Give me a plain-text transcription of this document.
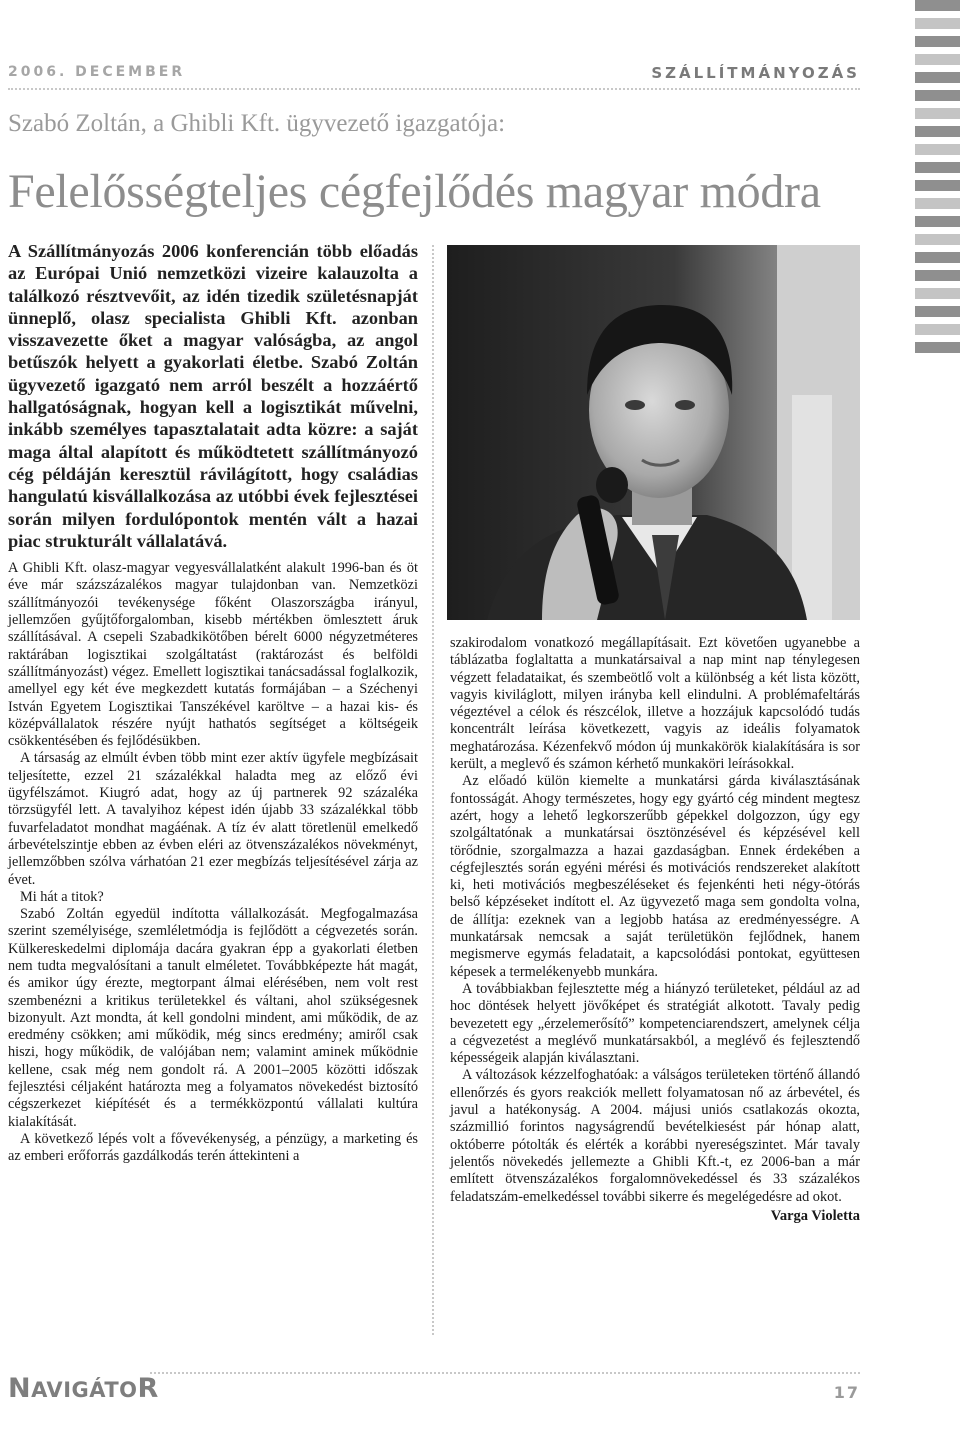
2006. DECEMBER	SZÁLLÍTMÁNYOZÁS
Szabó Zoltán, a Ghibli Kft. ügyvezető igazgatója:
Felelősségteljes cégfejlődés magyar módra

A Szállítmányozás 2006 konferencián több előadás az Európai Unió nemzetközi vizeire kalauzolta a találkozó résztvevőit, az idén tizedik születésnapját ünneplő, olasz specialista Ghibli Kft. azonban visszavezette őket a magyar valóságba, az angol betűszók helyett a gyakorlati életbe. Szabó Zoltán ügyvezető igazgató nem arról beszélt a hozzáértő hallgatóságnak, hogyan kell a logisztikát művelni, inkább személyes tapasztalatait adta közre: a saját maga által alapított és működtetett szállítmányozó cég példáján keresztül rávilágított, hogy családias hangulatú kisvállalkozása az utóbbi évek fejlesztései során milyen fordulópontok mentén vált a hazai piac strukturált vállalatává.

A Ghibli Kft. olasz-magyar vegyesvállalatként alakult 1996-ban és öt éve már százszázalékos magyar tulajdonban van. Nemzetközi szállítmányozói tevékenysége főként Olaszországba irányul, jellemzően gyűjtőforgalomban, kisebb mértékben ömlesztett áruk szállításával. A csepeli Szabadkikötőben bérelt 6000 négyzetméteres raktárában logisztikai szolgáltatást (raktározást és belföldi szállítmányozást) végez. Emellett logisztikai tanácsadással foglalkozik, amellyel egy két éve megkezdett kutatás formájában – a Széchenyi István Egyetem Logisztikai Tanszékével karöltve – a hazai kis- és középvállalatok részére nyújt hathatós segítséget a költségeik csökkentésében és fejlődésükben.

A társaság az elmúlt évben több mint ezer aktív ügyfele megbízásait teljesítette, ezzel 21 százalékkal haladta meg az előző évi ügyfélszámot. Kiugró adat, hogy az új partnerek 92 százaléka törzsügyfél lett. A tavalyihoz képest idén újabb 33 százalékkal több fuvarfeladatot mondhat magáénak. A tíz év alatt töretlenül emelkedő árbevételszintje ebben az évben eléri az ötvenszázalékos növekményt, jellemzőbben szólva várhatóan 21 ezer megbízás teljesítésével zárja az évet.

Mi hát a titok?

Szabó Zoltán egyedül indította vállalkozását. Megfogalmazása szerint személyisége, szemléletmódja is fejlődött a cégvezetés során. Külkereskedelmi diplomája dacára gyakran épp a gyakorlati életben nem tudta megvalósítani a tanult elméletet. Továbbképezte hát magát, és amikor úgy érezte, megtorpant álmai elérésében, nem volt rest szembenézni a kritikus területekkel és váltani, ahol szükségesnek bizonyult. Azt mondta, át kell gondolni mindent, ami működik, de az eredmény csökken; ami működik, még sincs eredmény; amiről csak hiszi, hogy működik, de valójában nem; valamint aminek működnie kellene, csak még nem gondolt rá. A 2001–2005 közötti időszak fejlesztési céljaként határozta meg a folyamatos növekedést biztosító cégszerkezet kiépítését és a termékközpontú vállalati kultúra kialakítását.

A következő lépés volt a fővevékenység, a pénzügy, a marketing és az emberi erőforrás gazdálkodás terén áttekinteni a

szakirodalom vonatkozó megállapításait. Ezt követően ugyanebbe a táblázatba foglaltatta a munkatársaival a nap mint nap ténylegesen végzett feladataikat, és szembeötlő volt a különbség a két lista között, vagyis kiviláglott, milyen irányba kell elindulni. A problémafeltárás végeztével a célok és részcélok, illetve a hozzájuk kapcsolódó tudás koncentrált leírása következett, vagyis az ideális folyamatok meghatározása. Kézenfekvő módon új munkakörök kialakítására is sor került, a meglevő és számon kérhető munkaköri leírásokkal.

Az előadó külön kiemelte a munkatársi gárda kiválasztásának fontosságát. Ahogy természetes, hogy egy gyártó cég mindent megtesz azért, hogy a lehető legkorszerűbb gépekkel dolgozzon, úgy egy szolgáltatónak a munkatársai ösztönzésével és képzésével kell törődnie, szorgalmazza a hazai gazdaságban. Ennek érdekében a cégfejlesztés során egyéni mérési és motivációs rendszereket alakított ki, heti motivációs megbeszéléseket és fejenkénti heti négy-ötórás belső képzéseket indított el. Az ügyvezető maga sem gondolta volna, de állítja: ezeknek van a legjobb hatása az eredményességre. A munkatársak nemcsak a saját területükön fejlődnek, hanem megismerve egymás feladatait, a kapcsolódási pontokat, együttesen képesek a termelékenyebb munkára.

A továbbiakban fejlesztette még a hiányzó területeket, például az ad hoc döntések helyett jövőképet és stratégiát alkotott. Tavaly pedig bevezetett egy „érzelemerősítő” kompetenciarendszert, amelynek célja a cégvezetést a meglévő munkatársakból, a meglévő és fejlesztendő képességeik alapján kiválasztani.

A változások kézzelfoghatóak: a válságos területeken történő állandó ellenőrzés és gyors reakciók mellett folyamatosan nő az árbevétel, és javul a hatékonyság. A 2004. májusi uniós csatlakozás okozta, százmillió forintos nagyságrendű bevételkiesést pár hónap alatt, októberre pótolták és elérték a korábbi nyereségszintet. Már tavaly jelentős növekedés jellemezte a Ghibli Kft.-t, ez 2006-ban a már említett ötvenszázalékos forgalomnövekedéssel és 33 százalékos feladatszám-emelkedéssel további sikerre és megelégedésre ad okot.

Varga Violetta
NAVIGÁTOR	17
